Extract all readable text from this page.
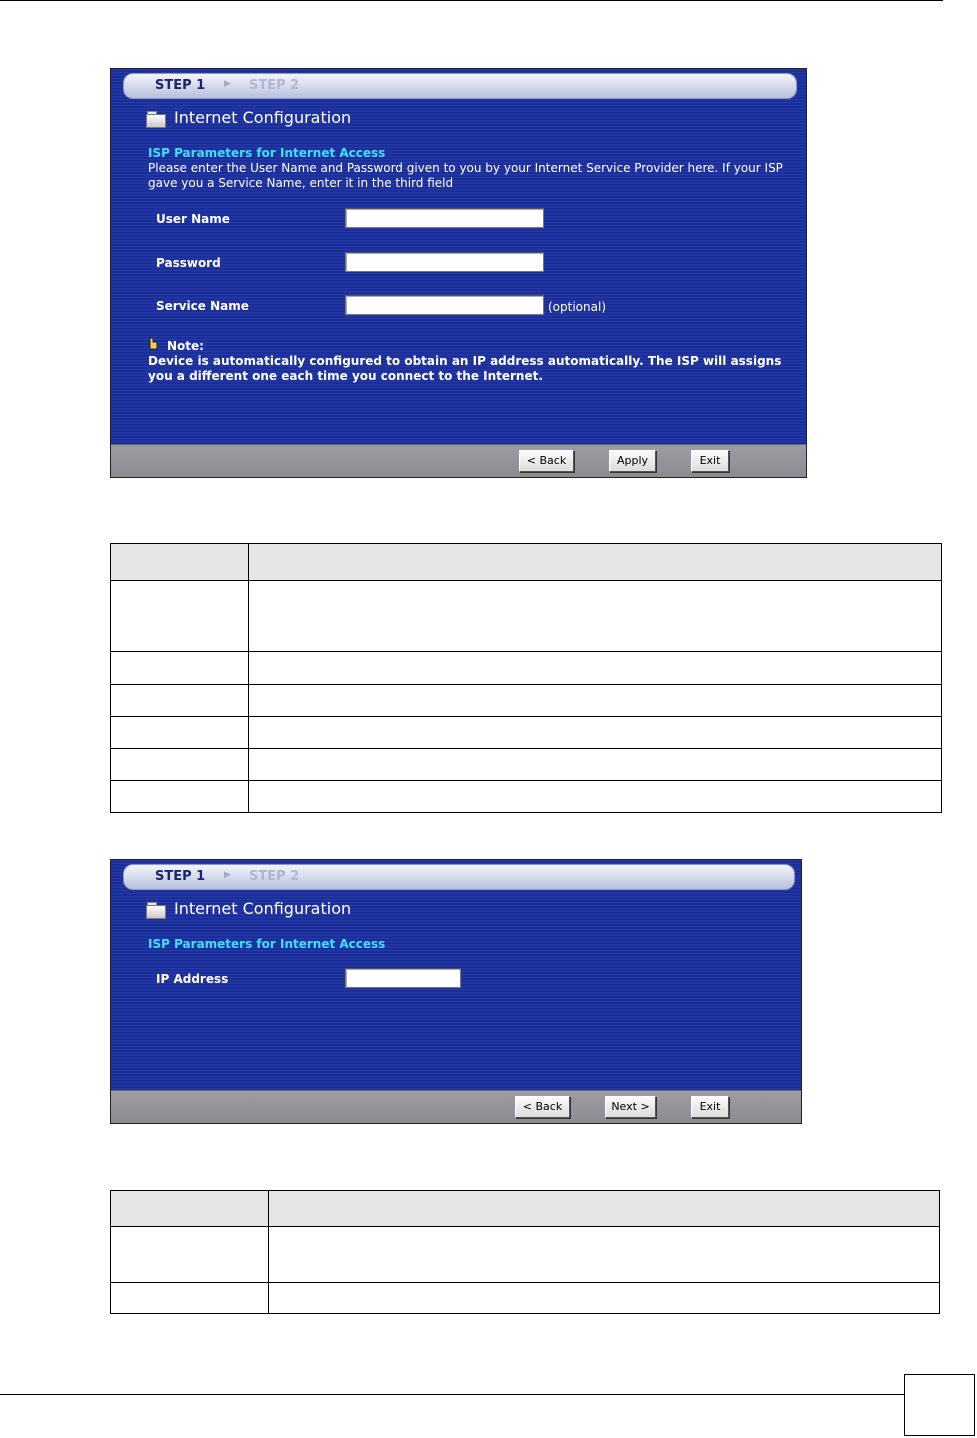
STEP 1 ▶ STEP 2
Internet Configuration
ISP Parameters for Internet Access
Please enter the User Name and Password given to you by your Internet Service Provider here. If your ISP gave you a Service Name, enter it in the third field
User Name
Password
Service Name	(optional)
Note:
Device is automatically configured to obtain an IP address automatically. The ISP will assigns you a different one each time you connect to the Internet.
< Back	Apply	Exit

STEP 1 ▶ STEP 2
Internet Configuration
ISP Parameters for Internet Access
IP Address
< Back	Next >	Exit
